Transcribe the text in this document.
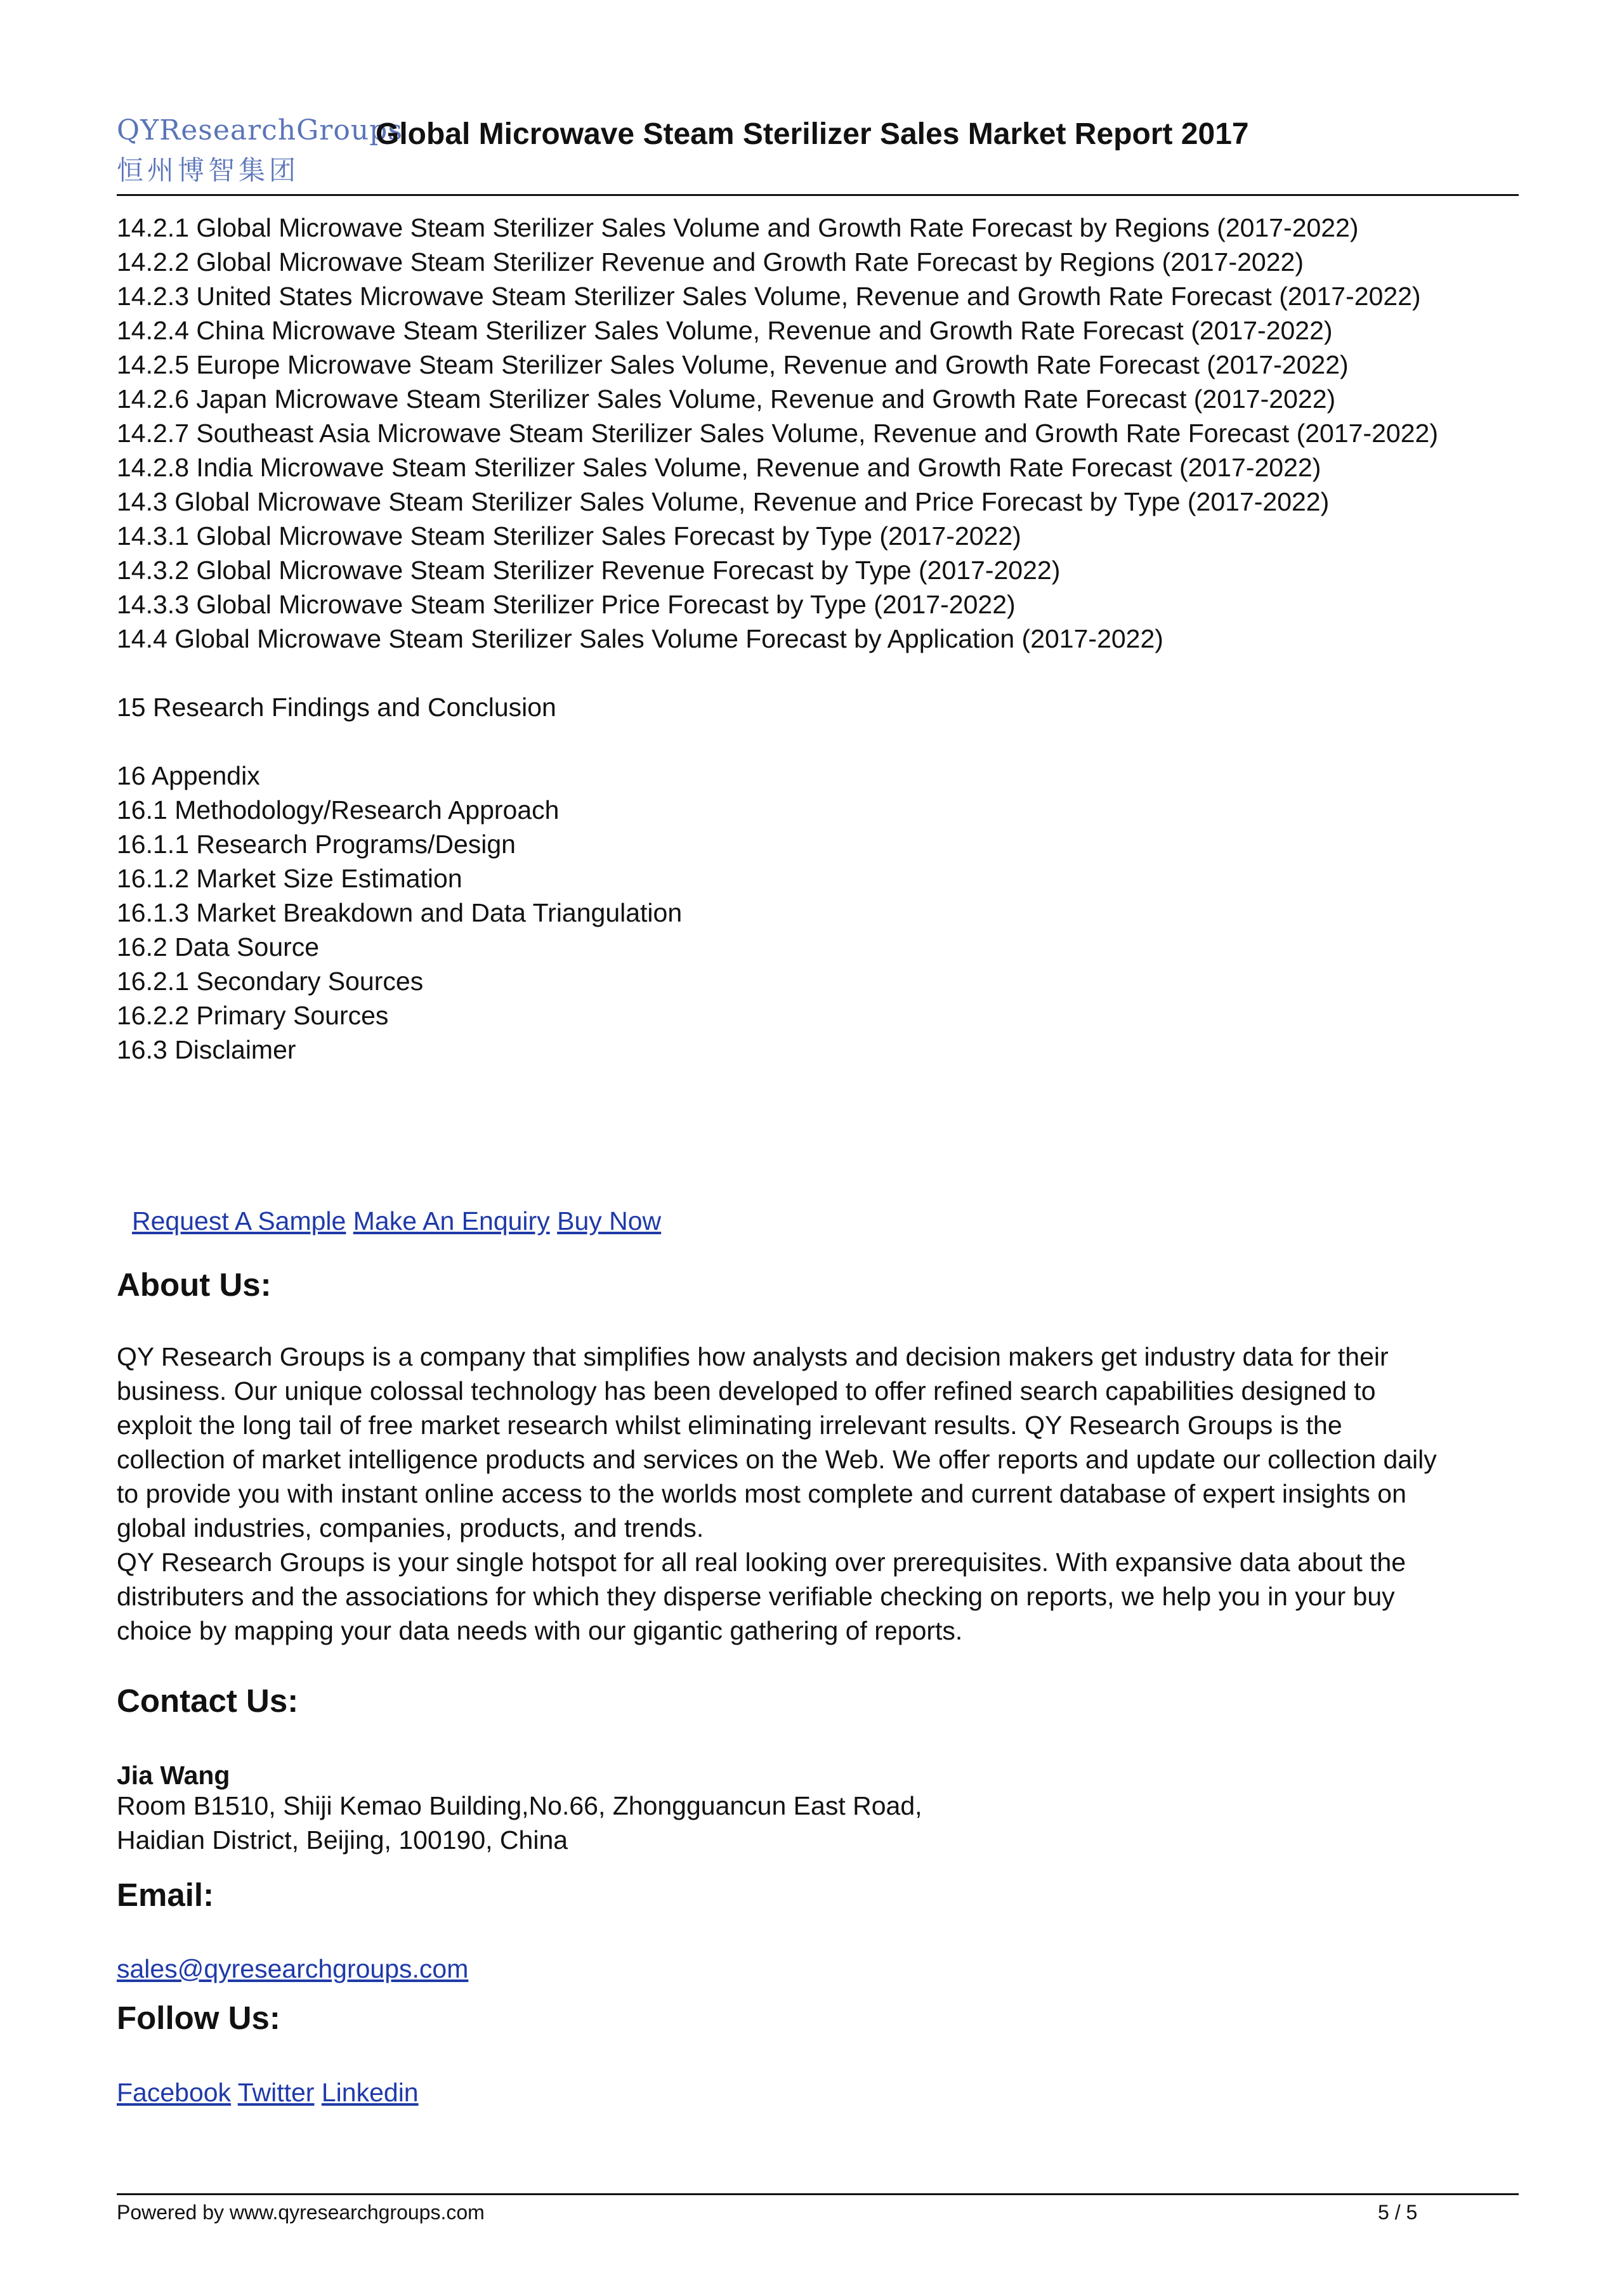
QYResearchGroups
恒州博智集团
Global Microwave Steam Sterilizer Sales Market Report 2017
14.2.1 Global Microwave Steam Sterilizer Sales Volume and Growth Rate Forecast by Regions (2017-2022)
14.2.2 Global Microwave Steam Sterilizer Revenue and Growth Rate Forecast by Regions (2017-2022)
14.2.3 United States Microwave Steam Sterilizer Sales Volume, Revenue and Growth Rate Forecast (2017-2022)
14.2.4 China Microwave Steam Sterilizer Sales Volume, Revenue and Growth Rate Forecast (2017-2022)
14.2.5 Europe Microwave Steam Sterilizer Sales Volume, Revenue and Growth Rate Forecast (2017-2022)
14.2.6 Japan Microwave Steam Sterilizer Sales Volume, Revenue and Growth Rate Forecast (2017-2022)
14.2.7 Southeast Asia Microwave Steam Sterilizer Sales Volume, Revenue and Growth Rate Forecast (2017-2022)
14.2.8 India Microwave Steam Sterilizer Sales Volume, Revenue and Growth Rate Forecast (2017-2022)
14.3 Global Microwave Steam Sterilizer Sales Volume, Revenue and Price Forecast by Type (2017-2022)
14.3.1 Global Microwave Steam Sterilizer Sales Forecast by Type (2017-2022)
14.3.2 Global Microwave Steam Sterilizer Revenue Forecast by Type (2017-2022)
14.3.3 Global Microwave Steam Sterilizer Price Forecast by Type (2017-2022)
14.4 Global Microwave Steam Sterilizer Sales Volume Forecast by Application (2017-2022)
15 Research Findings and Conclusion
16 Appendix
16.1 Methodology/Research Approach
16.1.1 Research Programs/Design
16.1.2 Market Size Estimation
16.1.3 Market Breakdown and Data Triangulation
16.2 Data Source
16.2.1 Secondary Sources
16.2.2 Primary Sources
16.3 Disclaimer
Request A Sample Make An Enquiry Buy Now
About Us:
QY Research Groups is a company that simplifies how analysts and decision makers get industry data for their
business. Our unique colossal technology has been developed to offer refined search capabilities designed to
exploit the long tail of free market research whilst eliminating irrelevant results. QY Research Groups is the
collection of market intelligence products and services on the Web. We offer reports and update our collection daily
to provide you with instant online access to the worlds most complete and current database of expert insights on
global industries, companies, products, and trends.
QY Research Groups is your single hotspot for all real looking over prerequisites. With expansive data about the
distributers and the associations for which they disperse verifiable checking on reports, we help you in your buy
choice by mapping your data needs with our gigantic gathering of reports.
Contact Us:
Jia Wang
Room B1510, Shiji Kemao Building,No.66, Zhongguancun East Road,
Haidian District, Beijing, 100190, China
Email:
sales@qyresearchgroups.com
Follow Us:
Facebook Twitter Linkedin
Powered by www.qyresearchgroups.com	5 / 5
